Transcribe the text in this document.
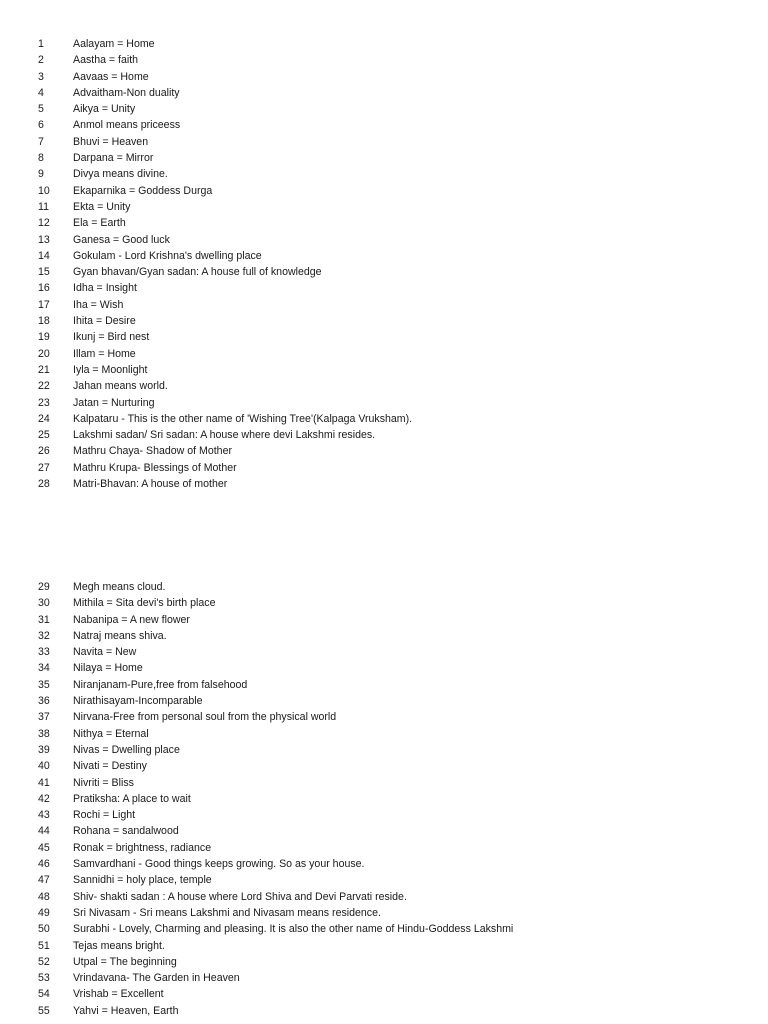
1	Aalayam = Home
2	Aastha = faith
3	Aavaas = Home
4	Advaitham-Non duality
5	Aikya = Unity
6	Anmol means priceess
7	Bhuvi = Heaven
8	Darpana = Mirror
9	Divya means divine.
10	Ekaparnika = Goddess Durga
11	Ekta = Unity
12	Ela = Earth
13	Ganesa = Good luck
14	Gokulam - Lord Krishna's dwelling place
15	Gyan bhavan/Gyan sadan: A house full of knowledge
16	Idha = Insight
17	Iha = Wish
18	Ihita = Desire
19	Ikunj = Bird nest
20	Illam = Home
21	Iyla = Moonlight
22	Jahan means world.
23	Jatan = Nurturing
24	Kalpataru - This is the other name of 'Wishing Tree'(Kalpaga Vruksham).
25	Lakshmi sadan/ Sri sadan: A house where devi Lakshmi resides.
26	Mathru Chaya- Shadow of Mother
27	Mathru Krupa- Blessings of Mother
28	Matri-Bhavan: A house of mother
29	Megh means cloud.
30	Mithila = Sita devi's birth place
31	Nabanipa = A new flower
32	Natraj means shiva.
33	Navita = New
34	Nilaya = Home
35	Niranjanam-Pure,free from falsehood
36	Nirathisayam-Incomparable
37	Nirvana-Free from personal soul from the physical world
38	Nithya = Eternal
39	Nivas = Dwelling place
40	Nivati = Destiny
41	Nivriti = Bliss
42	Pratiksha: A place to wait
43	Rochi = Light
44	Rohana = sandalwood
45	Ronak = brightness, radiance
46	Samvardhani - Good things keeps growing. So as your house.
47	Sannidhi = holy place, temple
48	Shiv- shakti sadan : A house where Lord Shiva and Devi Parvati reside.
49	Sri Nivasam - Sri means Lakshmi and Nivasam means residence.
50	Surabhi - Lovely, Charming and pleasing. It is also the other name of Hindu-Goddess Lakshmi
51	Tejas means bright.
52	Utpal = The beginning
53	Vrindavana- The Garden in Heaven
54	Vrishab = Excellent
55	Yahvi = Heaven, Earth
